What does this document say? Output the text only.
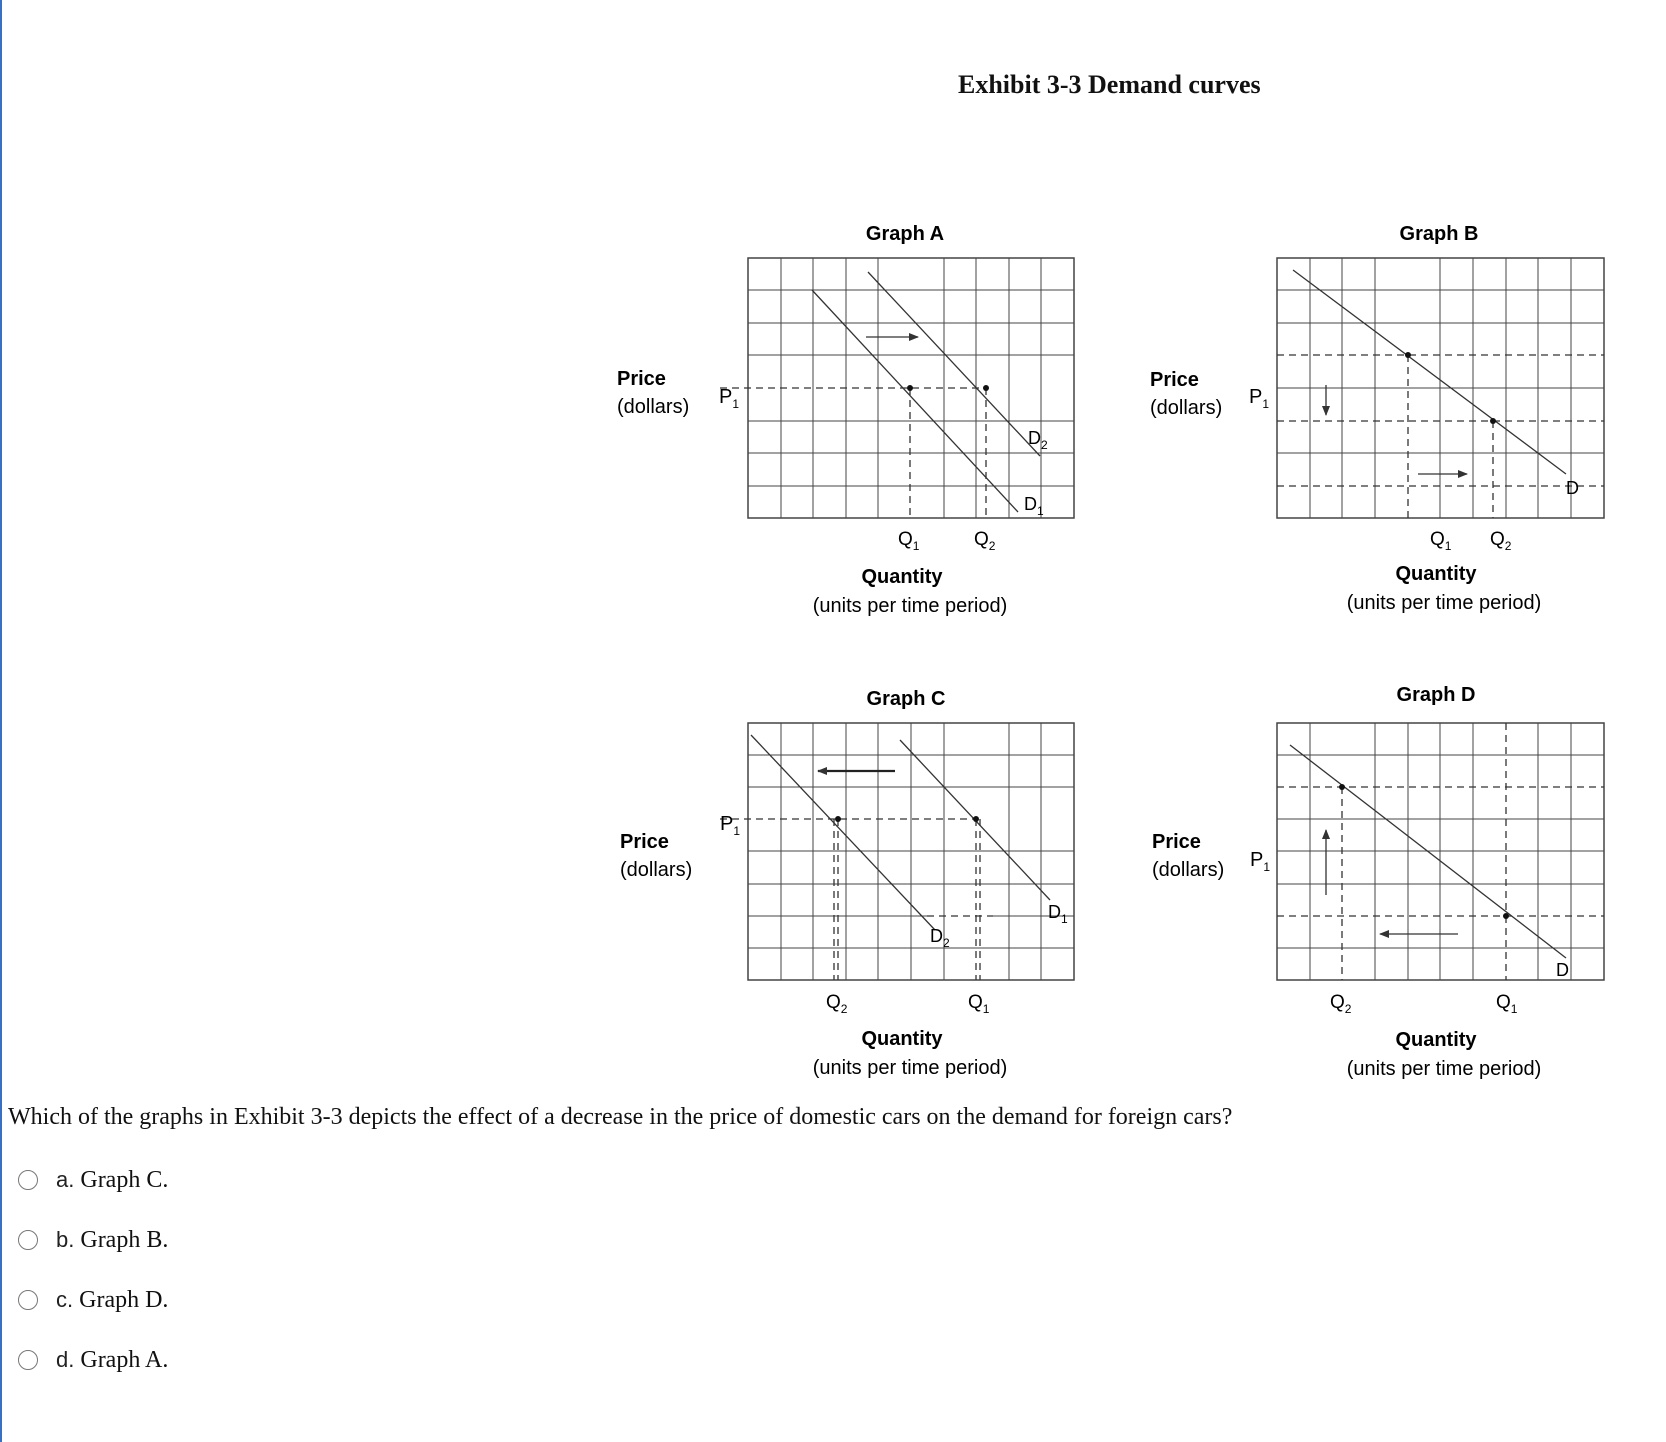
Exhibit 3-3 Demand curves
Graph A
$P_1$
$D_2$
$D_1$
$Q_1$	$Q_2$
Price
(dollars)
Quantity
(units per time period)
Graph B
$P_1$
D
$Q_1$ $Q_2$
Price
(dollars)
Quantity
(units per time period)
Graph C
$P_1$
$D_2$
$D_1$
$Q_2$	$Q_1$
Price
(dollars)
Quantity
(units per time period)
Graph D
$P_1$
D
$Q_2$	$Q_1$
Price
(dollars)
Quantity
(units per time period)
Which of the graphs in Exhibit 3-3 depicts the effect of a decrease in the price of domestic cars on the demand for foreign cars?
a. Graph C.
b. Graph B.
c. Graph D.
d. Graph A.
